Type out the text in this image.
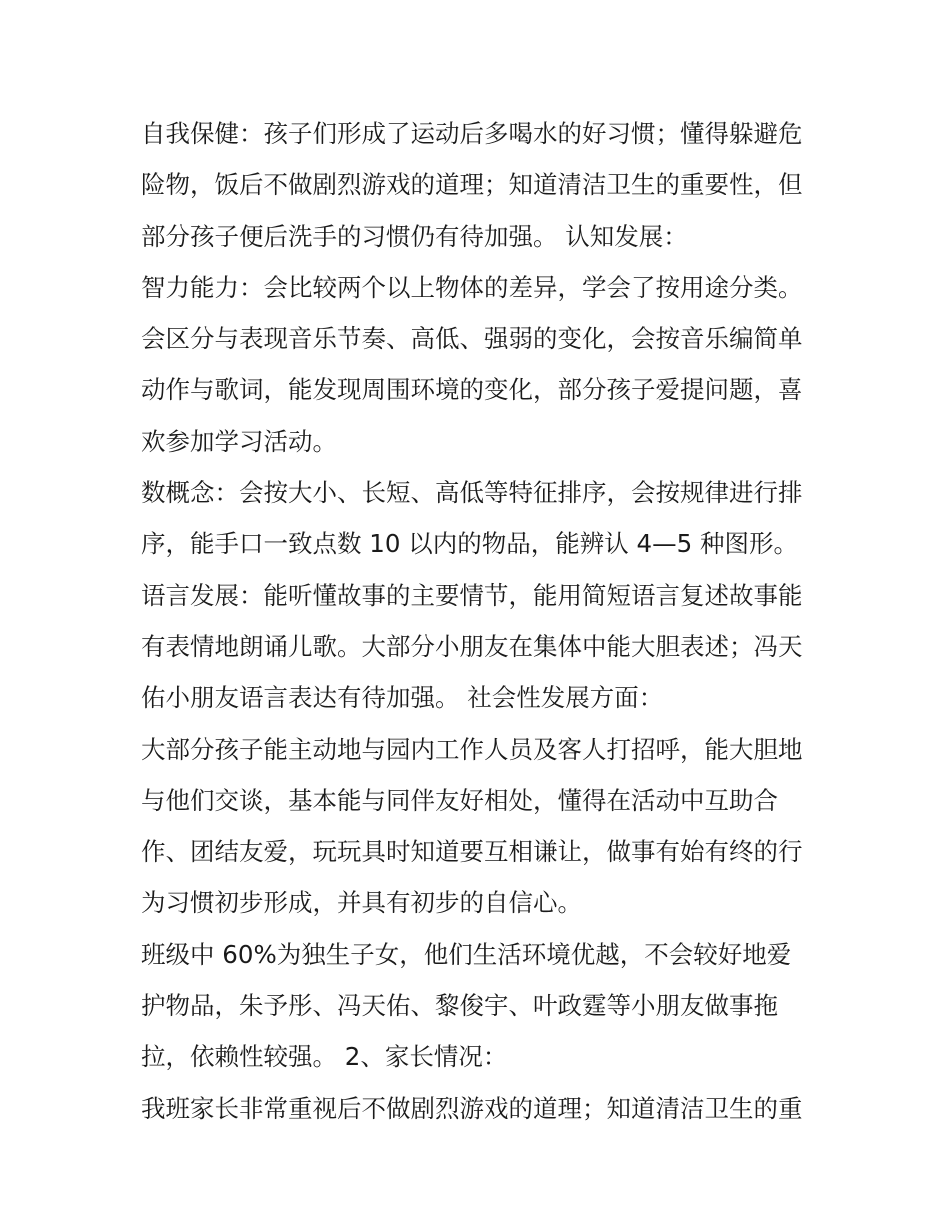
自我保健：孩子们形成了运动后多喝水的好习惯；懂得躲避危
险物，饭后不做剧烈游戏的道理；知道清洁卫生的重要性，但
部分孩子便后洗手的习惯仍有待加强。 认知发展：
智力能力：会比较两个以上物体的差异，学会了按用途分类。
会区分与表现音乐节奏、高低、强弱的变化，会按音乐编简单
动作与歌词，能发现周围环境的变化，部分孩子爱提问题，喜
欢参加学习活动。
数概念：会按大小、长短、高低等特征排序，会按规律进行排
序，能手口一致点数 10 以内的物品，能辨认 4—5 种图形。
语言发展：能听懂故事的主要情节，能用简短语言复述故事能
有表情地朗诵儿歌。大部分小朋友在集体中能大胆表述；冯天
佑小朋友语言表达有待加强。 社会性发展方面：
大部分孩子能主动地与园内工作人员及客人打招呼，能大胆地
与他们交谈，基本能与同伴友好相处，懂得在活动中互助合
作、团结友爱，玩玩具时知道要互相谦让，做事有始有终的行
为习惯初步形成，并具有初步的自信心。
班级中 60%为独生子女，他们生活环境优越，不会较好地爱
护物品，朱予彤、冯天佑、黎俊宇、叶政霆等小朋友做事拖
拉，依赖性较强。 2、家长情况：
我班家长非常重视后不做剧烈游戏的道理；知道清洁卫生的重
